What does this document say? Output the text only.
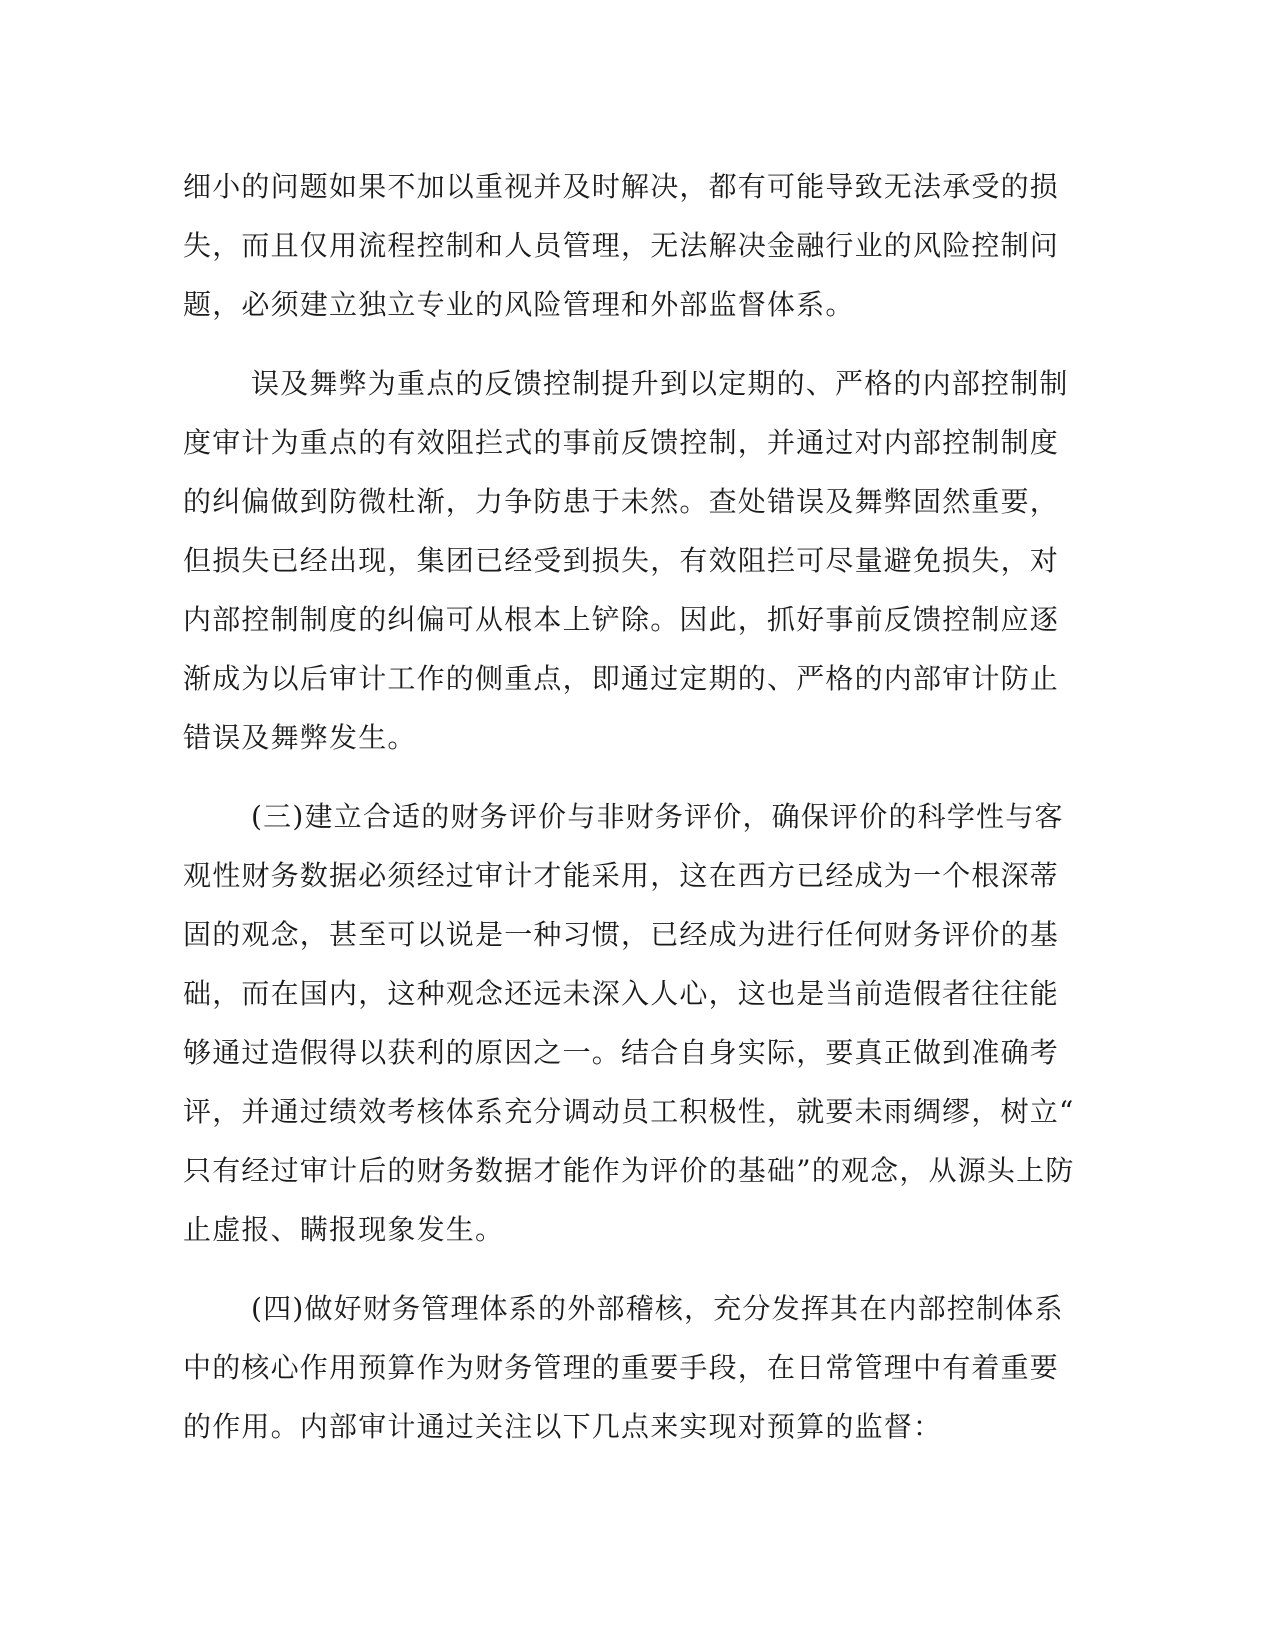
细小的问题如果不加以重视并及时解决，都有可能导致无法承受的损
失，而且仅用流程控制和人员管理，无法解决金融行业的风险控制问
题，必须建立独立专业的风险管理和外部监督体系。
误及舞弊为重点的反馈控制提升到以定期的、严格的内部控制制
度审计为重点的有效阻拦式的事前反馈控制，并通过对内部控制制度
的纠偏做到防微杜渐，力争防患于未然。查处错误及舞弊固然重要，
但损失已经出现，集团已经受到损失，有效阻拦可尽量避免损失，对
内部控制制度的纠偏可从根本上铲除。因此，抓好事前反馈控制应逐
渐成为以后审计工作的侧重点，即通过定期的、严格的内部审计防止
错误及舞弊发生。
(三)建立合适的财务评价与非财务评价，确保评价的科学性与客
观性财务数据必须经过审计才能采用，这在西方已经成为一个根深蒂
固的观念，甚至可以说是一种习惯，已经成为进行任何财务评价的基
础，而在国内，这种观念还远未深入人心，这也是当前造假者往往能
够通过造假得以获利的原因之一。结合自身实际，要真正做到准确考
评，并通过绩效考核体系充分调动员工积极性，就要未雨绸缪，树立“
只有经过审计后的财务数据才能作为评价的基础”的观念，从源头上防
止虚报、瞒报现象发生。
(四)做好财务管理体系的外部稽核，充分发挥其在内部控制体系
中的核心作用预算作为财务管理的重要手段，在日常管理中有着重要
的作用。内部审计通过关注以下几点来实现对预算的监督：
